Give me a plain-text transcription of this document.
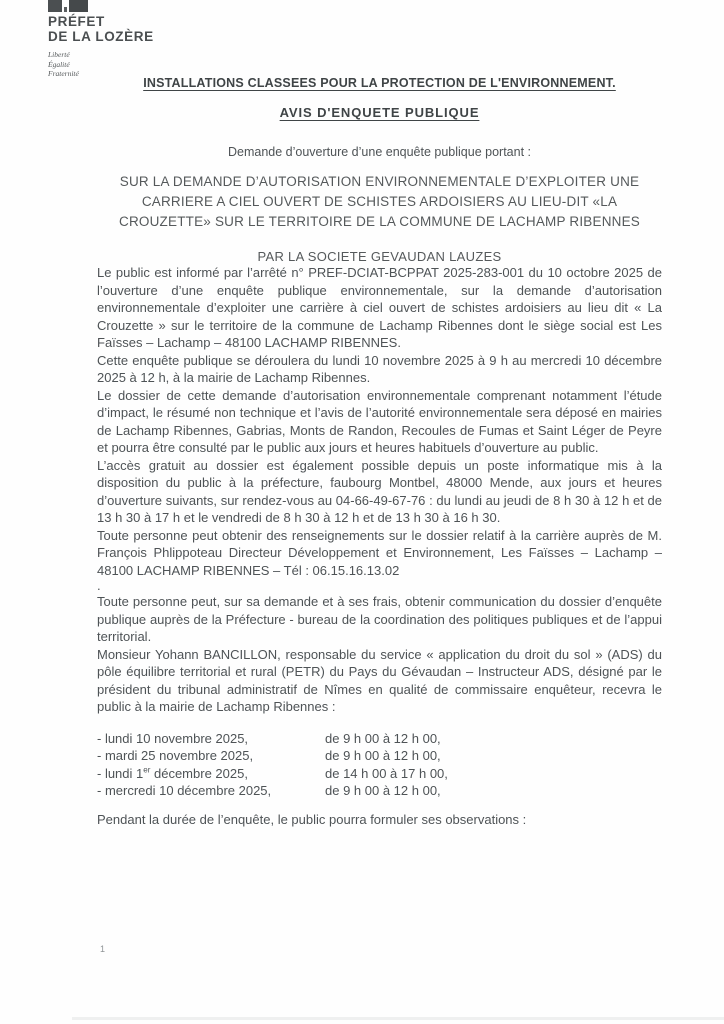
PRÉFET
DE LA LOZÈRE
Liberté
Égalité
Fraternité
INSTALLATIONS CLASSEES POUR LA PROTECTION DE L'ENVIRONNEMENT.
AVIS D'ENQUETE PUBLIQUE
Demande d’ouverture d’une enquête publique portant :
SUR LA DEMANDE D’AUTORISATION ENVIRONNEMENTALE D’EXPLOITER UNE
CARRIERE A CIEL OUVERT DE SCHISTES ARDOISIERS AU LIEU-DIT «LA
CROUZETTE» SUR LE TERRITOIRE DE LA COMMUNE DE LACHAMP RIBENNES
PAR LA SOCIETE GEVAUDAN LAUZES

Le public est informé par l’arrêté n° PREF-DCIAT-BCPPAT 2025-283-001 du 10 octobre 2025 de l’ouverture d’une enquête publique environnementale, sur la demande d’autorisation environnementale d’exploiter une carrière à ciel ouvert de schistes ardoisiers au lieu dit « La Crouzette » sur le territoire de la commune de Lachamp Ribennes dont le siège social est Les Faïsses – Lachamp – 48100 LACHAMP RIBENNES.

Cette enquête publique se déroulera du lundi 10 novembre 2025 à 9 h au mercredi 10 décembre 2025 à 12 h, à la mairie de Lachamp Ribennes.

Le dossier de cette demande d’autorisation environnementale comprenant notamment l’étude d’impact, le résumé non technique et l’avis de l’autorité environnementale sera déposé en mairies de Lachamp Ribennes, Gabrias, Monts de Randon, Recoules de Fumas et Saint Léger de Peyre et pourra être consulté par le public aux jours et heures habituels d’ouverture au public.

L’accès gratuit au dossier est également possible depuis un poste informatique mis à la disposition du public à la préfecture, faubourg Montbel, 48000 Mende, aux jours et heures d’ouverture suivants, sur rendez-vous au 04-66-49-67-76 : du lundi au jeudi de 8 h 30 à 12 h et de 13 h 30 à 17 h et le vendredi de 8 h 30 à 12 h et de 13 h 30 à 16 h 30.

Toute personne peut obtenir des renseignements sur le dossier relatif à la carrière auprès de M. François Phlippoteau Directeur Développement et Environnement, Les Faïsses – Lachamp – 48100 LACHAMP RIBENNES – Tél : 06.15.16.13.02

.

Toute personne peut, sur sa demande et à ses frais, obtenir communication du dossier d’enquête publique auprès de la Préfecture - bureau de la coordination des politiques publiques et de l’appui territorial.

Monsieur Yohann BANCILLON, responsable du service « application du droit du sol » (ADS) du pôle équilibre territorial et rural (PETR) du Pays du Gévaudan – Instructeur ADS, désigné par le président du tribunal administratif de Nîmes en qualité de commissaire enquêteur, recevra le public à la mairie de Lachamp Ribennes :

- lundi 10 novembre 2025,	de 9 h 00 à 12 h 00,
- mardi 25 novembre 2025,	de 9 h 00 à 12 h 00,
- lundi 1er décembre 2025,	de 14 h 00 à 17 h 00,
- mercredi 10 décembre 2025,	de 9 h 00 à 12 h 00,
Pendant la durée de l’enquête, le public pourra formuler ses observations :
1
